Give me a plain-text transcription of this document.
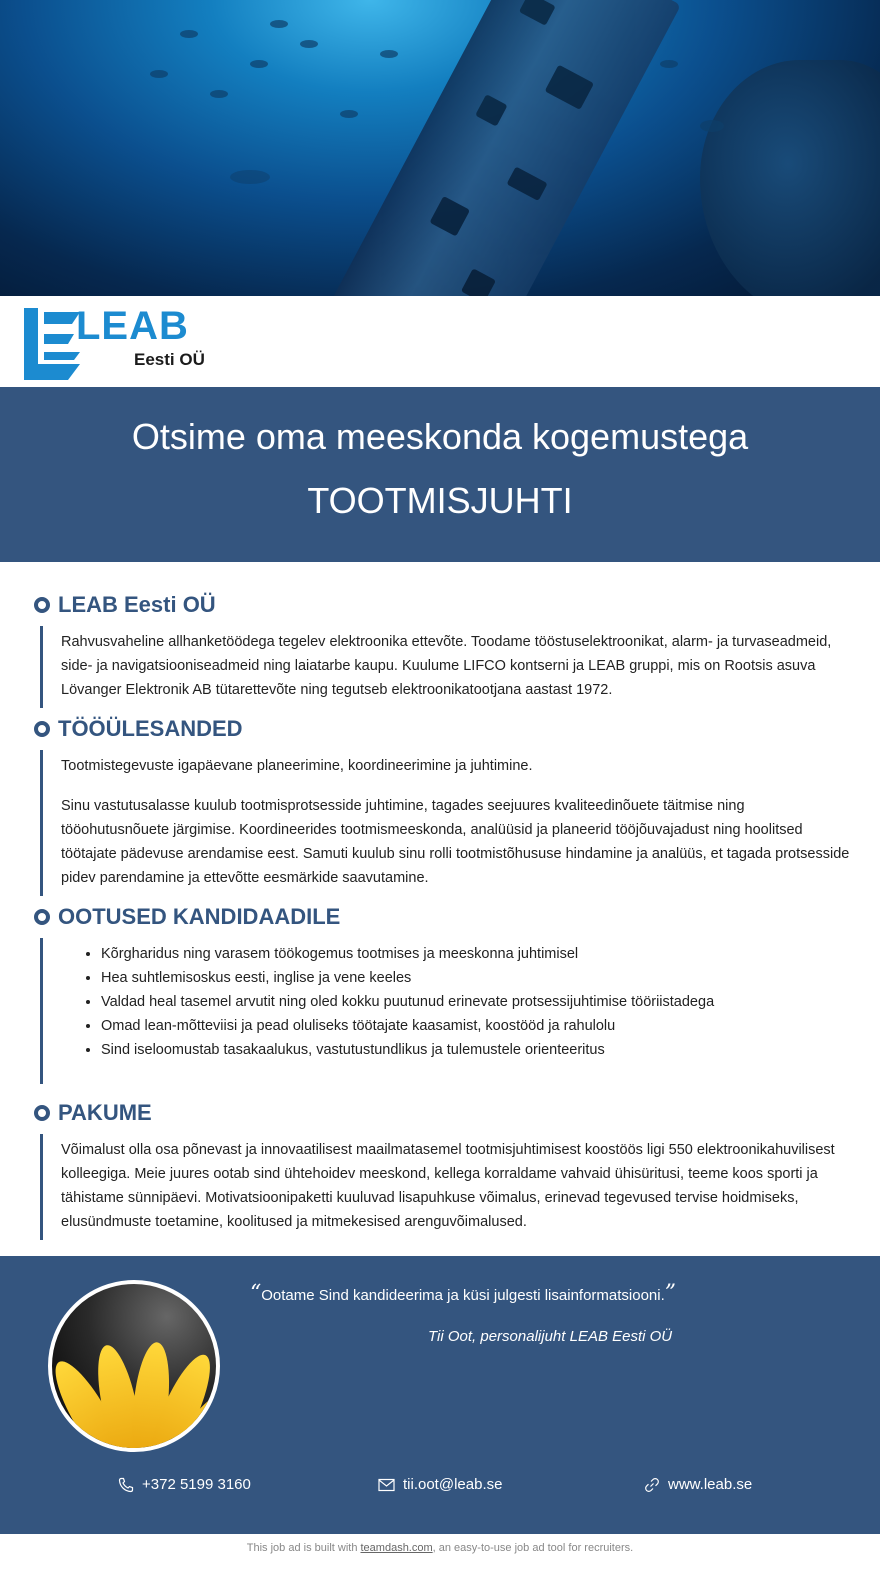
LEAB
Eesti OÜ
Otsime oma meeskonda kogemustega
TOOTMISJUHTI
LEAB Eesti OÜ

Rahvusvaheline allhanketöödega tegelev elektroonika ettevõte. Toodame tööstuselektroonikat, alarm- ja turvaseadmeid, side- ja navigatsiooniseadmeid ning laiatarbe kaupu. Kuulume LIFCO kontserni ja LEAB gruppi, mis on Rootsis asuva Lövanger Elektronik AB tütarettevõte ning tegutseb elektroonikatootjana aastast 1972.

TÖÖÜLESANDED

Tootmistegevuste igapäevane planeerimine, koordineerimine ja juhtimine.

Sinu vastutusalasse kuulub tootmisprotsesside juhtimine, tagades seejuures kvaliteedinõuete täitmise ning tööohutusnõuete järgimise. Koordineerides tootmismeeskonda, analüüsid ja planeerid tööjõuvajadust ning hoolitsed töötajate pädevuse arendamise eest. Samuti kuulub sinu rolli tootmistõhususe hindamine ja analüüs, et tagada protsesside pidev parendamine ja ettevõtte eesmärkide saavutamine.

OOTUSED KANDIDAADILE
• Kõrgharidus ning varasem töökogemus tootmises ja meeskonna juhtimisel
• Hea suhtlemisoskus eesti, inglise ja vene keeles
• Valdad heal tasemel arvutit ning oled kokku puutunud erinevate protsessijuhtimise tööriistadega
• Omad lean-mõtteviisi ja pead oluliseks töötajate kaasamist, koostööd ja rahulolu
• Sind iseloomustab tasakaalukus, vastutustundlikus ja tulemustele orienteeritus
PAKUME

Võimalust olla osa põnevast ja innovaatilisest maailmatasemel tootmisjuhtimisest koostöös ligi 550 elektroonikahuvilisest kolleegiga. Meie juures ootab sind ühtehoidev meeskond, kellega korraldame vahvaid ühisüritusi, teeme koos sporti ja tähistame sünnipäevi. Motivatsioonipaketti kuuluvad lisapuhkuse võimalus, erinevad tegevused tervise hoidmiseks, elusündmuste toetamine, koolitused ja mitmekesised arenguvõimalused.

“Ootame Sind kandideerima ja küsi julgesti lisainformatsiooni.”
Tii Oot, personalijuht LEAB Eesti OÜ
+372 5199 3160	tii.oot@leab.se	www.leab.se
This job ad is built with teamdash.com, an easy-to-use job ad tool for recruiters.
